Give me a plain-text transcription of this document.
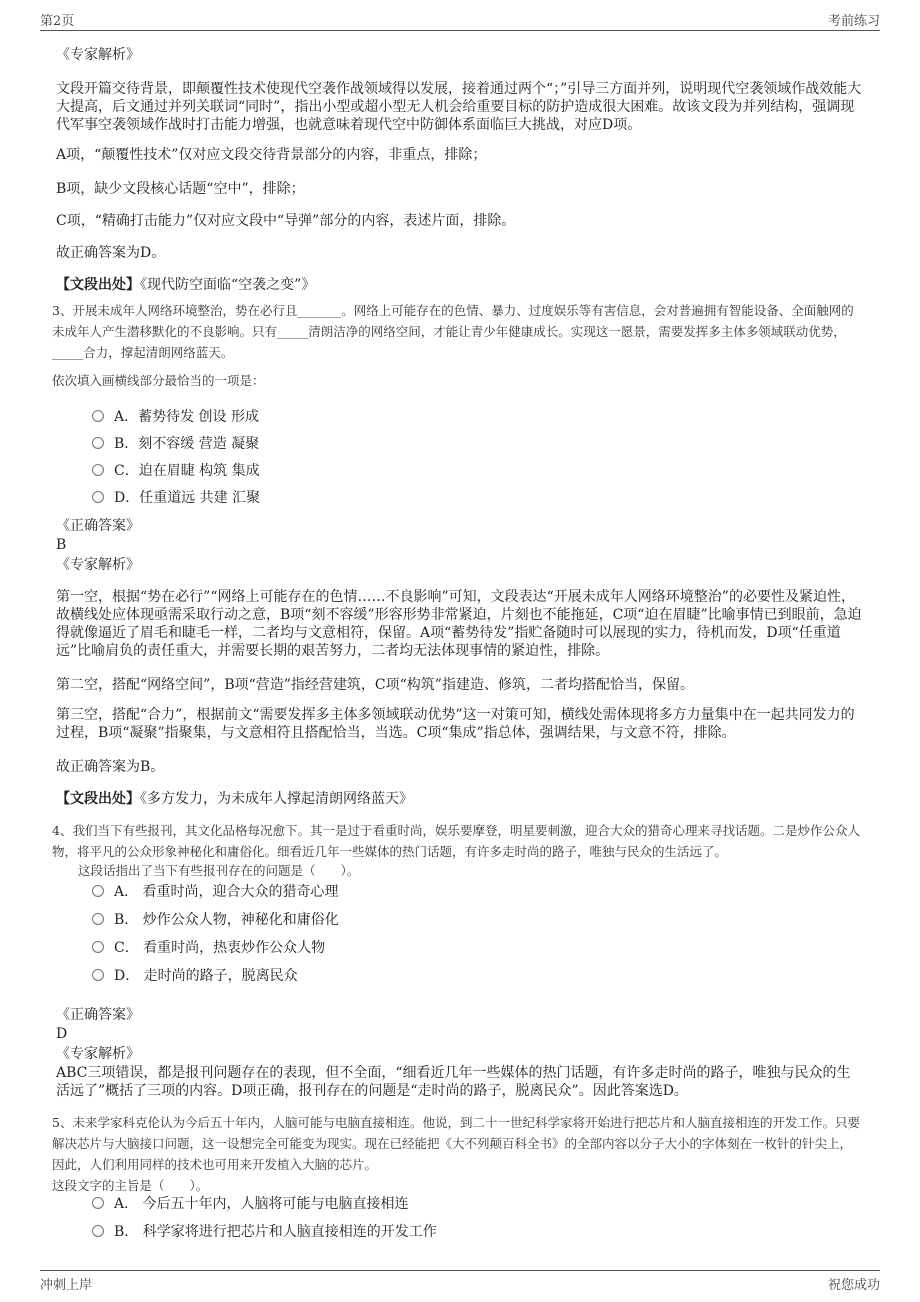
第2页	考前练习

《专家解析》

文段开篇交待背景，即颠覆性技术使现代空袭作战领域得以发展，接着通过两个“；”引导三方面并列，说明现代空袭领域作战效能大大提高，后文通过并列关联词“同时”，指出小型或超小型无人机会给重要目标的防护造成很大困难。故该文段为并列结构，强调现代军事空袭领域作战时打击能力增强，也就意味着现代空中防御体系面临巨大挑战，对应D项。

A项，“颠覆性技术”仅对应文段交待背景部分的内容，非重点，排除；

B项，缺少文段核心话题“空中”，排除；

C项，“精确打击能力”仅对应文段中“导弹”部分的内容，表述片面，排除。

故正确答案为D。

【文段出处】《现代防空面临“空袭之变”》

3、开展未成年人网络环境整治，势在必行且_______。网络上可能存在的色情、暴力、过度娱乐等有害信息，会对普遍拥有智能设备、全面触网的未成年人产生潜移默化的不良影响。只有_____清朗洁净的网络空间，才能让青少年健康成长。实现这一愿景，需要发挥多主体多领域联动优势，_____合力，撑起清朗网络蓝天。

依次填入画横线部分最恰当的一项是：

A．蓄势待发 创设 形成
B．刻不容缓 营造 凝聚
C．迫在眉睫 构筑 集成
D．任重道远 共建 汇聚

《正确答案》

B

《专家解析》

第一空，根据“势在必行”“网络上可能存在的色情……不良影响”可知，文段表达“开展未成年人网络环境整治”的必要性及紧迫性，故横线处应体现亟需采取行动之意，B项“刻不容缓”形容形势非常紧迫，片刻也不能拖延，C项“迫在眉睫”比喻事情已到眼前，急迫得就像逼近了眉毛和睫毛一样，二者均与文意相符，保留。A项“蓄势待发”指贮备随时可以展现的实力，待机而发，D项“任重道远”比喻肩负的责任重大，并需要长期的艰苦努力，二者均无法体现事情的紧迫性，排除。

第二空，搭配“网络空间”，B项“营造”指经营建筑，C项“构筑”指建造、修筑，二者均搭配恰当，保留。

第三空，搭配“合力”，根据前文“需要发挥多主体多领域联动优势”这一对策可知，横线处需体现将多方力量集中在一起共同发力的过程，B项“凝聚”指聚集，与文意相符且搭配恰当，当选。C项“集成”指总体，强调结果，与文意不符，排除。

故正确答案为B。

【文段出处】《多方发力，为未成年人撑起清朗网络蓝天》

4、我们当下有些报刊，其文化品格每况愈下。其一是过于看重时尚，娱乐要摩登，明星要刺激，迎合大众的猎奇心理来寻找话题。二是炒作公众人物，将平凡的公众形象神秘化和庸俗化。细看近几年一些媒体的热门话题，有许多走时尚的路子，唯独与民众的生活远了。

这段话指出了当下有些报刊存在的问题是（　　）。

A． 看重时尚，迎合大众的猎奇心理
B． 炒作公众人物，神秘化和庸俗化
C． 看重时尚，热衷炒作公众人物
D． 走时尚的路子，脱离民众

《正确答案》

D

《专家解析》

ABC三项错误，都是报刊问题存在的表现，但不全面，“细看近几年一些媒体的热门话题，有许多走时尚的路子，唯独与民众的生活远了”概括了三项的内容。D项正确，报刊存在的问题是“走时尚的路子，脱离民众”。因此答案选D。

5、未来学家科克伦认为今后五十年内，人脑可能与电脑直接相连。他说，到二十一世纪科学家将开始进行把芯片和人脑直接相连的开发工作。只要解决芯片与大脑接口问题，这一设想完全可能变为现实。现在已经能把《大不列颠百科全书》的全部内容以分子大小的字体刻在一枚针的针尖上，因此，人们利用同样的技术也可用来开发植入大脑的芯片。

这段文字的主旨是（　　）。

A． 今后五十年内，人脑将可能与电脑直接相连
B． 科学家将进行把芯片和人脑直接相连的开发工作
冲刺上岸	祝您成功
